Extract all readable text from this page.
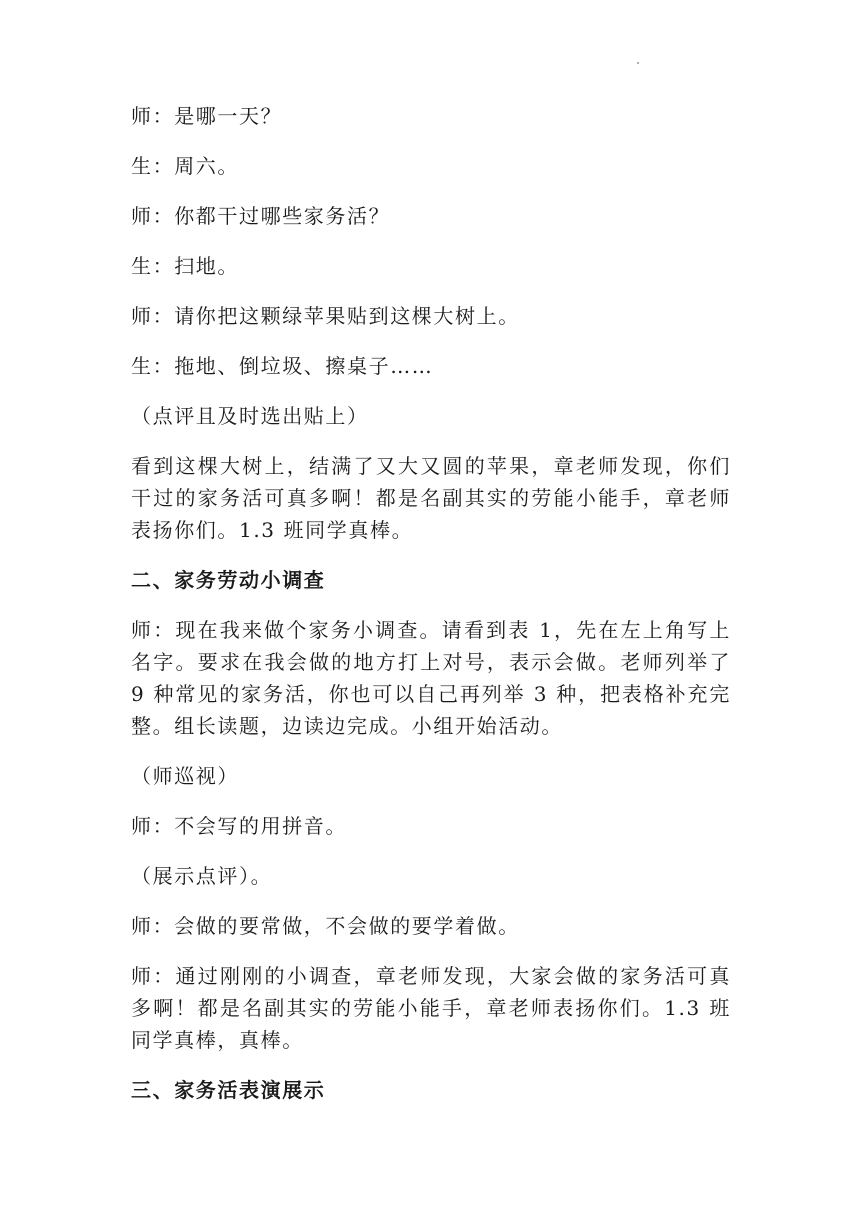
师：是哪一天？

生：周六。

师：你都干过哪些家务活？

生：扫地。

师：请你把这颗绿苹果贴到这棵大树上。

生：拖地、倒垃圾、擦桌子……

（点评且及时选出贴上）

看到这棵大树上，结满了又大又圆的苹果，章老师发现，你们干过的家务活可真多啊！都是名副其实的劳能小能手，章老师表扬你们。1.3 班同学真棒。

二、家务劳动小调查

师：现在我来做个家务小调查。请看到表 1，先在左上角写上名字。要求在我会做的地方打上对号，表示会做。老师列举了 9 种常见的家务活，你也可以自己再列举 3 种，把表格补充完整。组长读题，边读边完成。小组开始活动。

（师巡视）

师：不会写的用拼音。

（展示点评）。

师：会做的要常做，不会做的要学着做。

师：通过刚刚的小调查，章老师发现，大家会做的家务活可真多啊！都是名副其实的劳能小能手，章老师表扬你们。1.3 班同学真棒，真棒。

三、家务活表演展示
